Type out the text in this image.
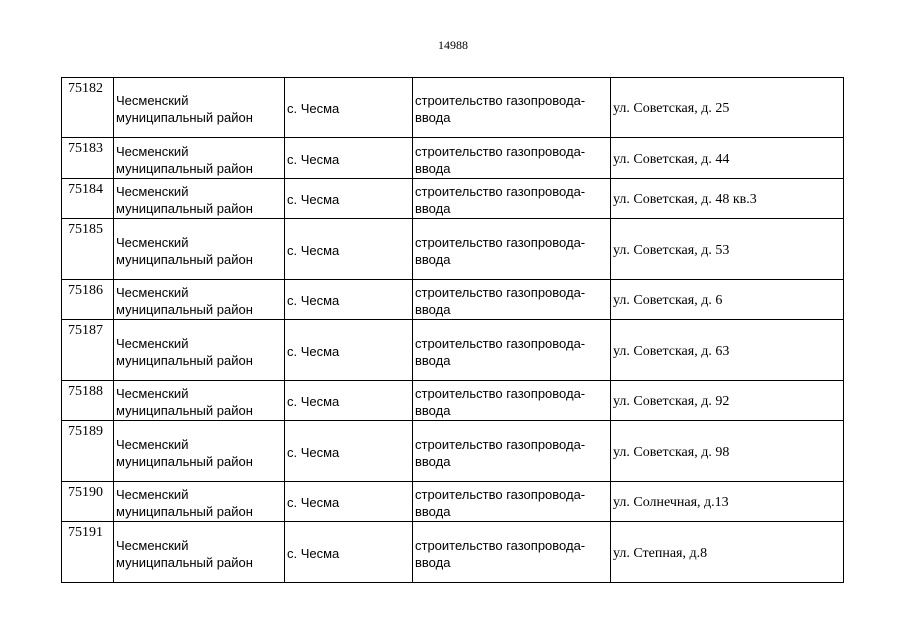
14988
75182	Чесменский муниципальный район	с. Чесма	строительство газопровода-ввода	ул. Советская, д. 25
75183	Чесменский муниципальный район	с. Чесма	строительство газопровода-ввода	ул. Советская, д. 44
75184	Чесменский муниципальный район	с. Чесма	строительство газопровода-ввода	ул. Советская, д. 48 кв.3
75185	Чесменский муниципальный район	с. Чесма	строительство газопровода-ввода	ул. Советская, д. 53
75186	Чесменский муниципальный район	с. Чесма	строительство газопровода-ввода	ул. Советская, д. 6
75187	Чесменский муниципальный район	с. Чесма	строительство газопровода-ввода	ул. Советская, д. 63
75188	Чесменский муниципальный район	с. Чесма	строительство газопровода-ввода	ул. Советская, д. 92
75189	Чесменский муниципальный район	с. Чесма	строительство газопровода-ввода	ул. Советская, д. 98
75190	Чесменский муниципальный район	с. Чесма	строительство газопровода-ввода	ул. Солнечная, д.13
75191	Чесменский муниципальный район	с. Чесма	строительство газопровода-ввода	ул. Степная, д.8
